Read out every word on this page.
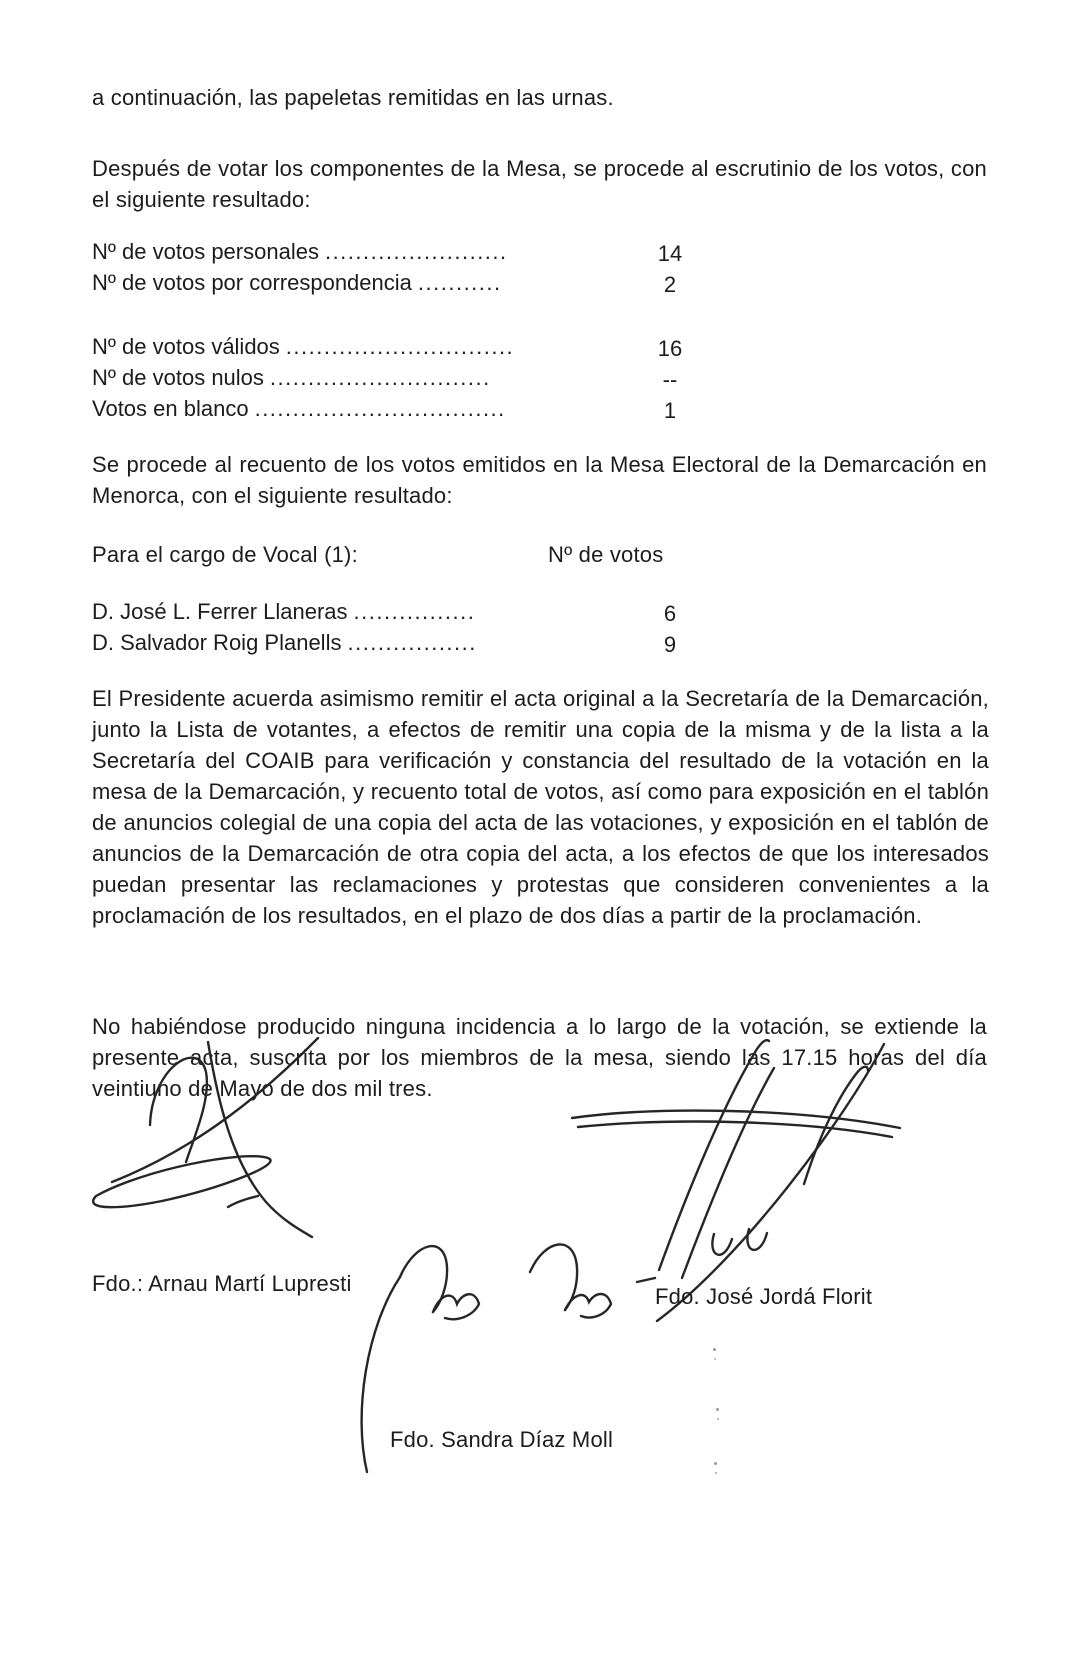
a continuación, las papeletas remitidas en las urnas.
Después de votar los componentes de la Mesa, se procede al escrutinio de los votos, con el siguiente resultado:
Nº de votos personales ........................	14
Nº de votos por correspondencia ...........	2
Nº de votos válidos ..............................	16
Nº de votos nulos .............................	--
Votos en blanco .................................	1
Se procede al recuento de los votos emitidos en la Mesa Electoral de la Demarcación en Menorca, con el siguiente resultado:
Para el cargo de Vocal (1):	Nº de votos
D. José L. Ferrer Llaneras ................	6
D. Salvador Roig Planells .................	9
El Presidente acuerda asimismo remitir el acta original a la Secretaría de la Demarcación, junto la Lista de votantes, a efectos de remitir una copia de la misma y de la lista a la Secretaría del COAIB para verificación y constancia del resultado de la votación en la mesa de la Demarcación, y recuento total de votos, así como para exposición en el tablón de anuncios colegial de una copia del acta de las votaciones, y exposición en el tablón de anuncios de la Demarcación de otra copia del acta, a los efectos de que los interesados puedan presentar las reclamaciones y protestas que consideren convenientes a la proclamación de los resultados, en el plazo de dos días a partir de la proclamación.
No habiéndose producido ninguna incidencia a lo largo de la votación, se extiende la presente acta, suscrita por los miembros de la mesa, siendo las 17.15 horas del día veintiuno de Mayo de dos mil tres.
Fdo.: Arnau Martí Lupresti
Fdo. José Jordá Florit
Fdo. Sandra Díaz Moll
